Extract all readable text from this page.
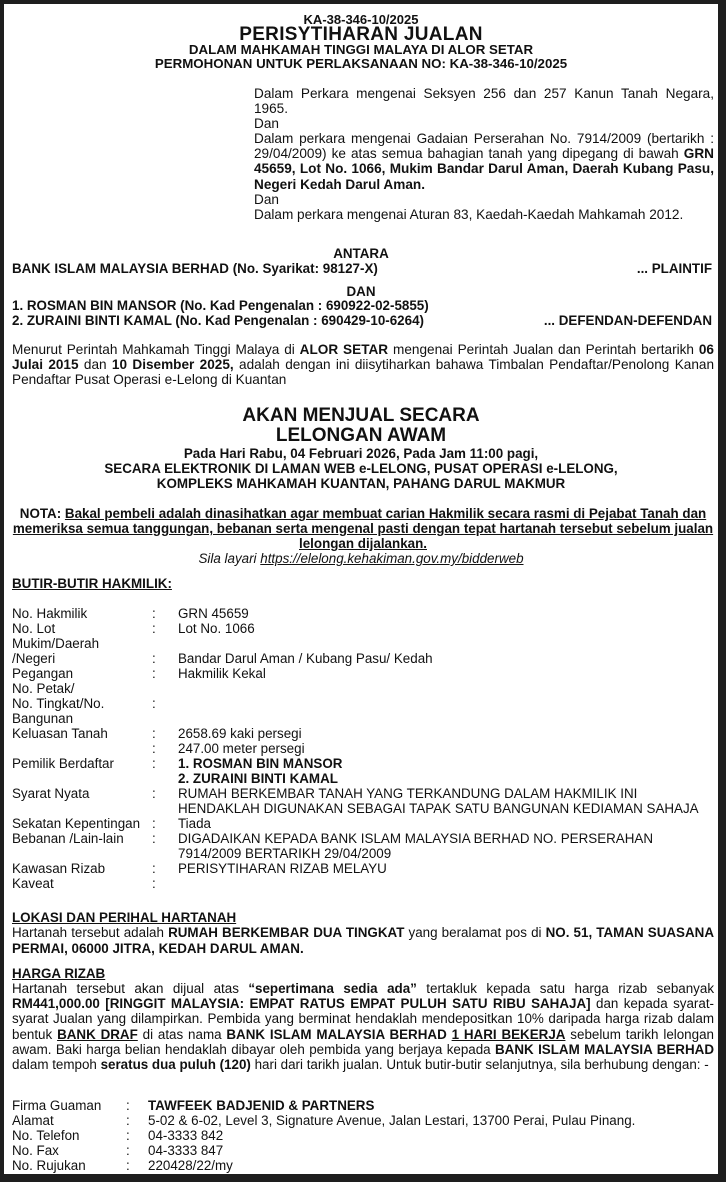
KA-38-346-10/2025
PERISYTIHARAN JUALAN
DALAM MAHKAMAH TINGGI MALAYA DI ALOR SETAR
PERMOHONAN UNTUK PERLAKSANAAN NO: KA-38-346-10/2025

Dalam Perkara mengenai Seksyen 256 dan 257 Kanun Tanah Negara, 1965.

Dan

Dalam perkara mengenai Gadaian Perserahan No. 7914/2009 (bertarikh : 29/04/2009) ke atas semua bahagian tanah yang dipegang di bawah GRN 45659, Lot No. 1066, Mukim Bandar Darul Aman, Daerah Kubang Pasu, Negeri Kedah Darul Aman.

Dan

Dalam perkara mengenai Aturan 83, Kaedah-Kaedah Mahkamah 2012.

ANTARA
BANK ISLAM MALAYSIA BERHAD (No. Syarikat: 98127-X)	... PLAINTIF
DAN
1. ROSMAN BIN MANSOR (No. Kad Pengenalan : 690922-02-5855)
2. ZURAINI BINTI KAMAL (No. Kad Pengenalan : 690429-10-6264)	... DEFENDAN-DEFENDAN
Menurut Perintah Mahkamah Tinggi Malaya di ALOR SETAR mengenai Perintah Jualan dan Perintah bertarikh 06 Julai 2015 dan 10 Disember 2025, adalah dengan ini diisytiharkan bahawa Timbalan Pendaftar/Penolong Kanan Pendaftar Pusat Operasi e-Lelong di Kuantan
AKAN MENJUAL SECARA
LELONGAN AWAM
Pada Hari Rabu, 04 Februari 2026, Pada Jam 11:00 pagi,
SECARA ELEKTRONIK DI LAMAN WEB e-LELONG, PUSAT OPERASI e-LELONG,
KOMPLEKS MAHKAMAH KUANTAN, PAHANG DARUL MAKMUR
NOTA: Bakal pembeli adalah dinasihatkan agar membuat carian Hakmilik secara rasmi di Pejabat Tanah dan memeriksa semua tanggungan, bebanan serta mengenal pasti dengan tepat hartanah tersebut sebelum jualan lelongan dijalankan.
Sila layari https://elelong.kehakiman.gov.my/bidderweb
BUTIR-BUTIR HAKMILIK:
No. Hakmilik	:	GRN 45659
No. Lot	:	Lot No. 1066
Mukim/Daerah
/Negeri	:	Bandar Darul Aman / Kubang Pasu/ Kedah
Pegangan	:	Hakmilik Kekal
No. Petak/
No. Tingkat/No.	:
Bangunan
Keluasan Tanah	:	2658.69 kaki persegi
:	247.00 meter persegi
Pemilik Berdaftar	:	1. ROSMAN BIN MANSOR
2. ZURAINI BINTI KAMAL
Syarat Nyata	:	RUMAH BERKEMBAR TANAH YANG TERKANDUNG DALAM HAKMILIK INI
HENDAKLAH DIGUNAKAN SEBAGAI TAPAK SATU BANGUNAN KEDIAMAN SAHAJA
Sekatan Kepentingan :	Tiada
Bebanan /Lain-lain	:	DIGADAIKAN KEPADA BANK ISLAM MALAYSIA BERHAD NO. PERSERAHAN
7914/2009 BERTARIKH 29/04/2009
Kawasan Rizab	:	PERISYTIHARAN RIZAB MELAYU
Kaveat	:
LOKASI DAN PERIHAL HARTANAH
Hartanah tersebut adalah RUMAH BERKEMBAR DUA TINGKAT yang beralamat pos di NO. 51, TAMAN SUASANA PERMAI, 06000 JITRA, KEDAH DARUL AMAN.
HARGA RIZAB
Hartanah tersebut akan dijual atas “sepertimana sedia ada” tertakluk kepada satu harga rizab sebanyak RM441,000.00 [RINGGIT MALAYSIA: EMPAT RATUS EMPAT PULUH SATU RIBU SAHAJA] dan kepada syarat-syarat Jualan yang dilampirkan. Pembida yang berminat hendaklah mendepositkan 10% daripada harga rizab dalam bentuk BANK DRAF di atas nama BANK ISLAM MALAYSIA BERHAD 1 HARI BEKERJA sebelum tarikh lelongan awam. Baki harga belian hendaklah dibayar oleh pembida yang berjaya kepada BANK ISLAM MALAYSIA BERHAD dalam tempoh seratus dua puluh (120) hari dari tarikh jualan. Untuk butir-butir selanjutnya, sila berhubung dengan: -
Firma Guaman	:	TAWFEEK BADJENID & PARTNERS
Alamat	:	5-02 & 6-02, Level 3, Signature Avenue, Jalan Lestari, 13700 Perai, Pulau Pinang.
No. Telefon	:	04-3333 842
No. Fax	:	04-3333 847
No. Rujukan	:	220428/22/my
